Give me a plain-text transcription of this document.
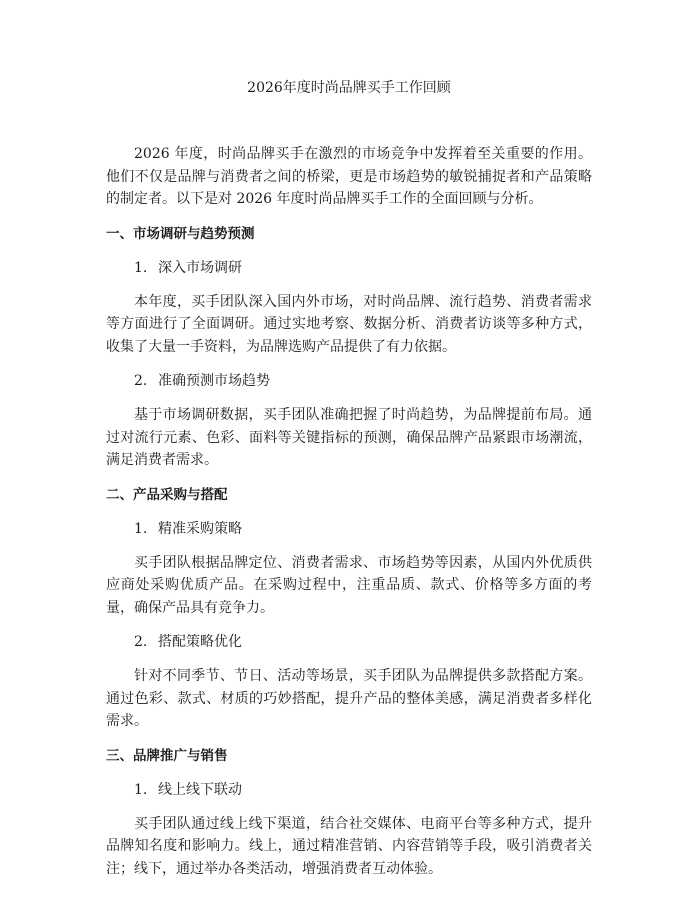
2026年度时尚品牌买手工作回顾

2026 年度，时尚品牌买手在激烈的市场竞争中发挥着至关重要的作用。他们不仅是品牌与消费者之间的桥梁，更是市场趋势的敏锐捕捉者和产品策略的制定者。以下是对 2026 年度时尚品牌买手工作的全面回顾与分析。

一、市场调研与趋势预测
1. 深入市场调研

本年度，买手团队深入国内外市场，对时尚品牌、流行趋势、消费者需求等方面进行了全面调研。通过实地考察、数据分析、消费者访谈等多种方式，收集了大量一手资料，为品牌选购产品提供了有力依据。

2. 准确预测市场趋势

基于市场调研数据，买手团队准确把握了时尚趋势，为品牌提前布局。通过对流行元素、色彩、面料等关键指标的预测，确保品牌产品紧跟市场潮流，满足消费者需求。

二、产品采购与搭配
1. 精准采购策略

买手团队根据品牌定位、消费者需求、市场趋势等因素，从国内外优质供应商处采购优质产品。在采购过程中，注重品质、款式、价格等多方面的考量，确保产品具有竞争力。

2. 搭配策略优化

针对不同季节、节日、活动等场景，买手团队为品牌提供多款搭配方案。通过色彩、款式、材质的巧妙搭配，提升产品的整体美感，满足消费者多样化需求。

三、品牌推广与销售
1. 线上线下联动

买手团队通过线上线下渠道，结合社交媒体、电商平台等多种方式，提升品牌知名度和影响力。线上，通过精准营销、内容营销等手段，吸引消费者关注；线下，通过举办各类活动，增强消费者互动体验。
